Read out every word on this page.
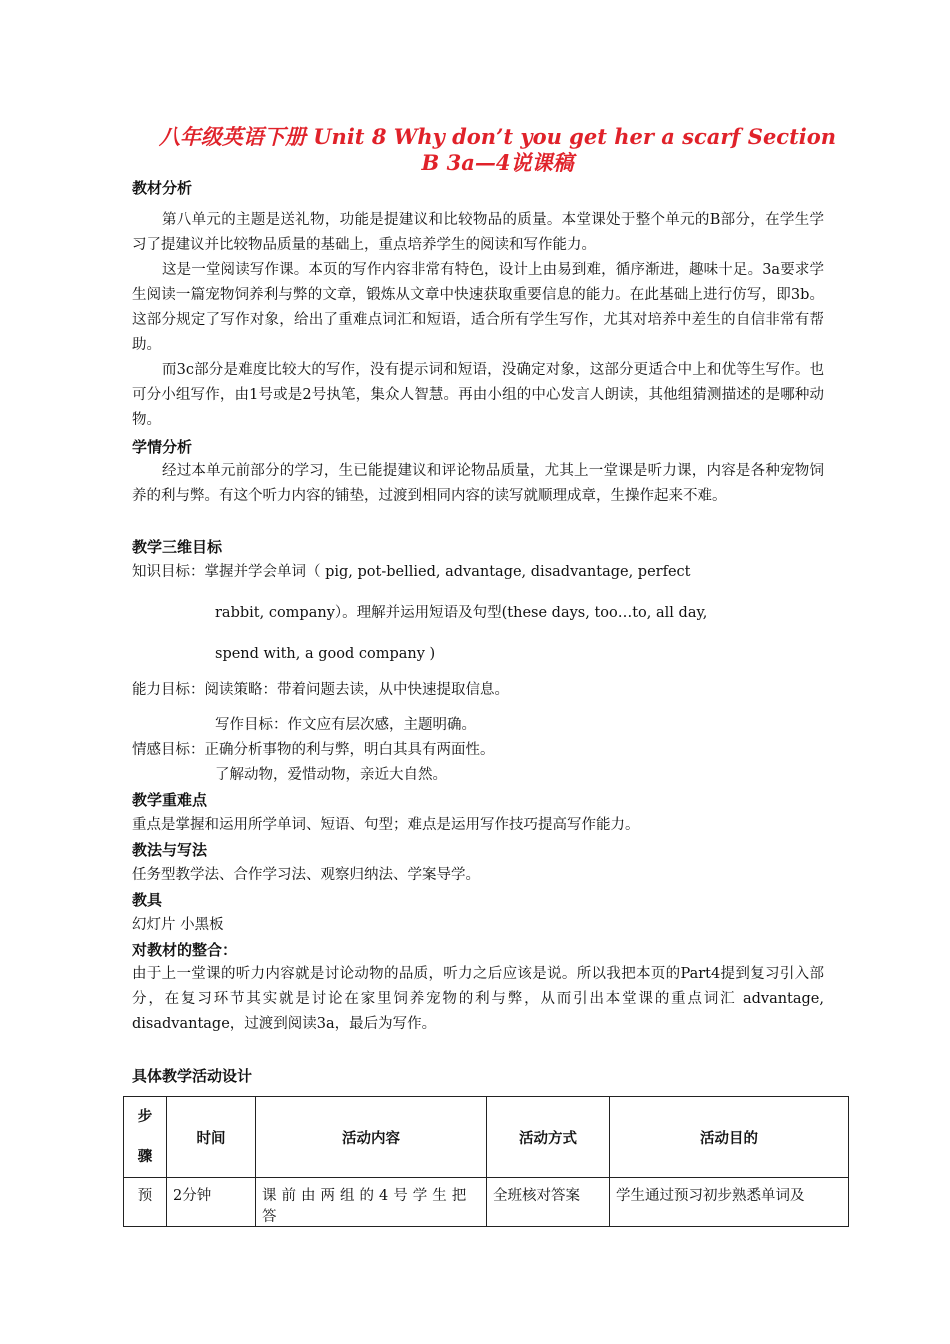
八年级英语下册 Unit 8 Why don’t you get her a scarf Section
B 3a—4说课稿
教材分析
第八单元的主题是送礼物，功能是提建议和比较物品的质量。本堂课处于整个单元的B部分，在学生学习了提建议并比较物品质量的基础上，重点培养学生的阅读和写作能力。
这是一堂阅读写作课。本页的写作内容非常有特色，设计上由易到难，循序渐进，趣味十足。3a要求学生阅读一篇宠物饲养利与弊的文章，锻炼从文章中快速获取重要信息的能力。在此基础上进行仿写，即3b。这部分规定了写作对象，给出了重难点词汇和短语，适合所有学生写作，尤其对培养中差生的自信非常有帮助。
而3c部分是难度比较大的写作，没有提示词和短语，没确定对象，这部分更适合中上和优等生写作。也可分小组写作，由1号或是2号执笔，集众人智慧。再由小组的中心发言人朗读，其他组猜测描述的是哪种动物。
学情分析
经过本单元前部分的学习，生已能提建议和评论物品质量，尤其上一堂课是听力课，内容是各种宠物饲养的利与弊。有这个听力内容的铺垫，过渡到相同内容的读写就顺理成章，生操作起来不难。
教学三维目标
知识目标：掌握并学会单词（ pig, pot-bellied, advantage, disadvantage, perfect
rabbit, company）。理解并运用短语及句型(these days, too…to, all day,
spend with, a good company )
能力目标：阅读策略：带着问题去读，从中快速提取信息。
写作目标：作文应有层次感，主题明确。
情感目标：正确分析事物的利与弊，明白其具有两面性。
了解动物，爱惜动物，亲近大自然。
教学重难点
重点是掌握和运用所学单词、短语、句型；难点是运用写作技巧提高写作能力。
教法与写法
任务型教学法、合作学习法、观察归纳法、学案导学。
教具
幻灯片 小黑板
对教材的整合：
由于上一堂课的听力内容就是讨论动物的品质，听力之后应该是说。所以我把本页的Part4提到复习引入部分，在复习环节其实就是讨论在家里饲养宠物的利与弊，从而引出本堂课的重点词汇 advantage, disadvantage，过渡到阅读3a，最后为写作。
具体教学活动设计
步
骤	时间	活动内容	活动方式	活动目的
预	2分钟	课前由两组的4号学生把答	全班核对答案	学生通过预习初步熟悉单词及
